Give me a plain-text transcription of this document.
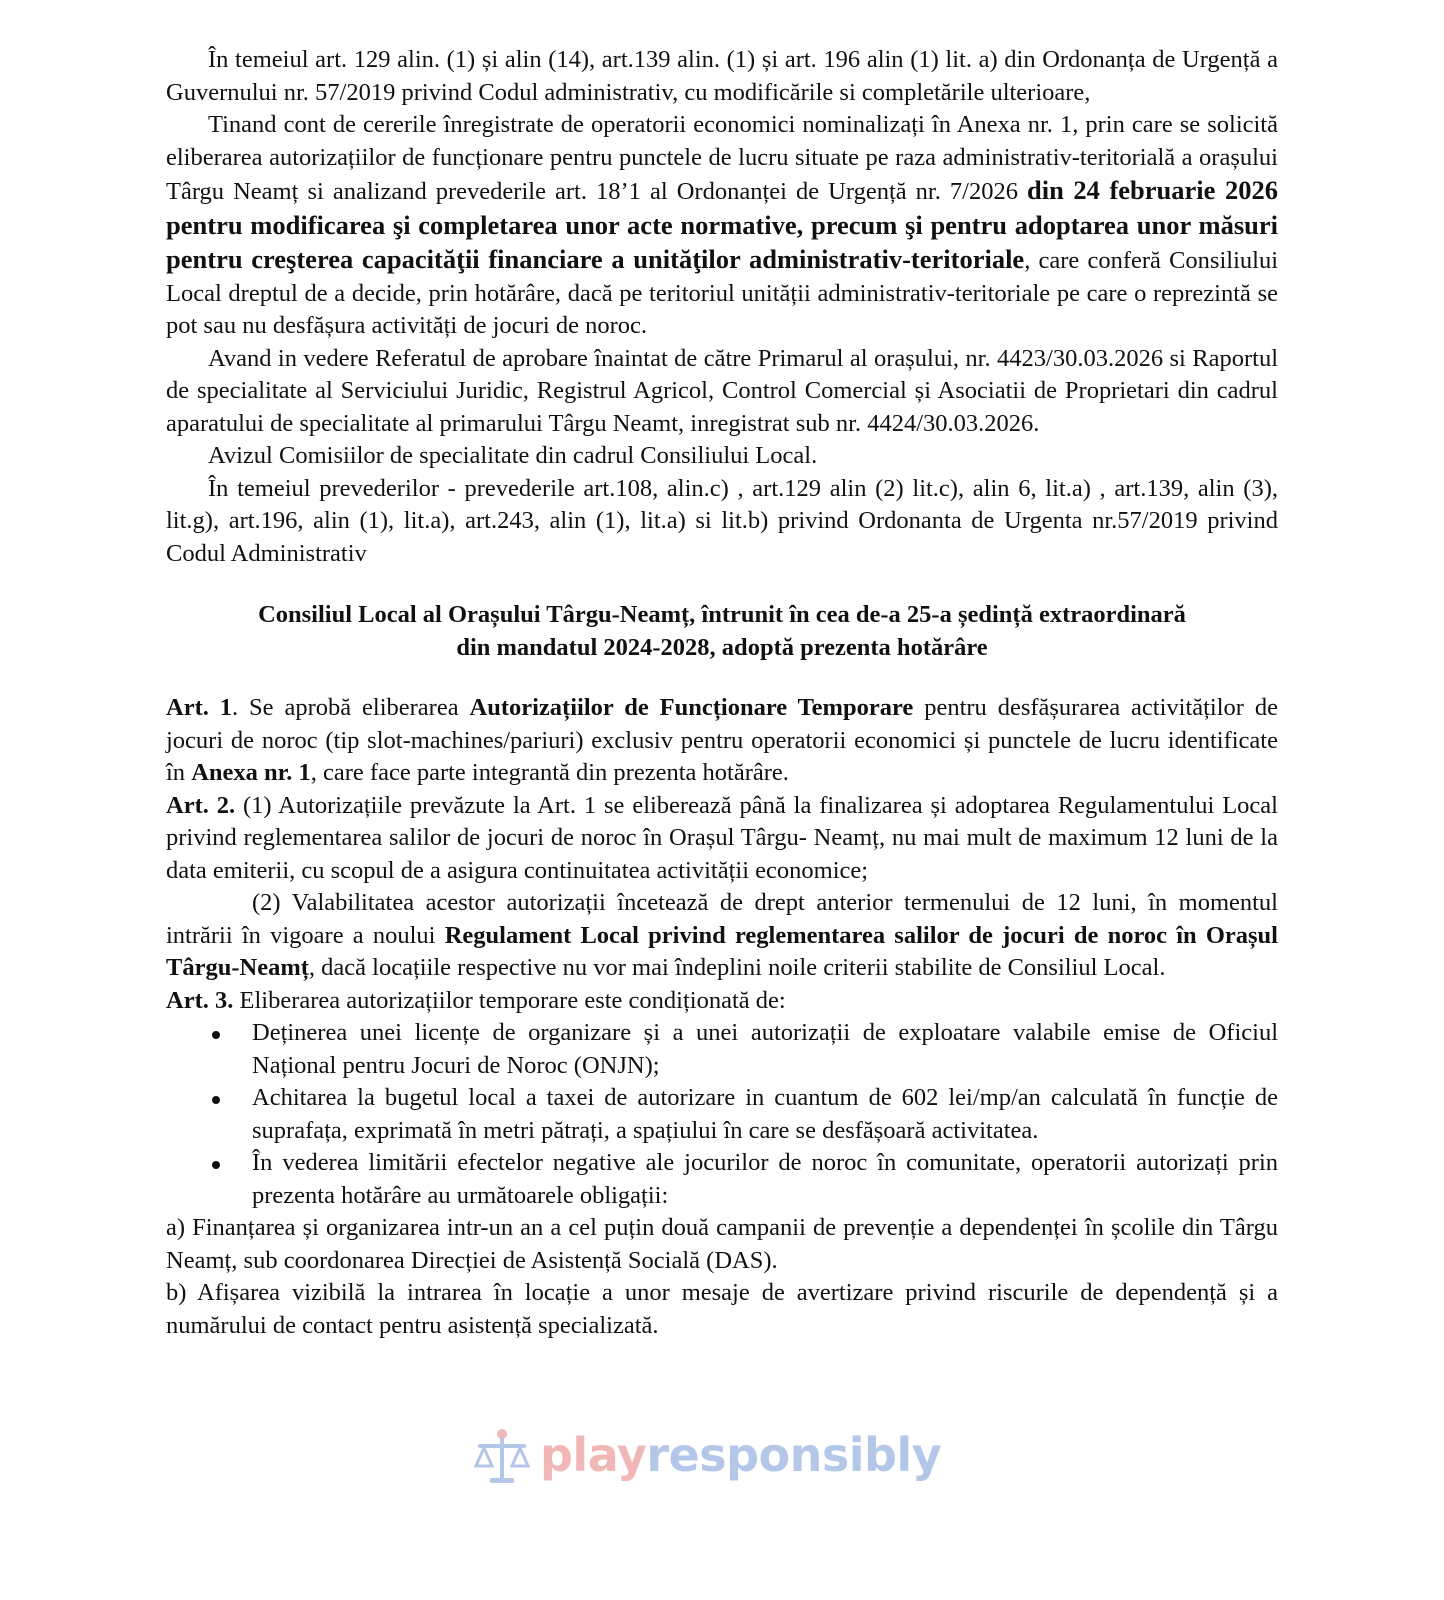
În temeiul art. 129 alin. (1) și alin (14), art.139 alin. (1) și art. 196 alin (1) lit. a) din Ordonanța de Urgență a Guvernului nr. 57/2019 privind Codul administrativ, cu modificările si completările ulterioare,

Tinand cont de cererile înregistrate de operatorii economici nominalizați în Anexa nr. 1, prin care se solicită eliberarea autorizațiilor de funcționare pentru punctele de lucru situate pe raza administrativ-teritorială a orașului Târgu Neamț si analizand prevederile art. 18’1 al Ordonanței de Urgență nr. 7/2026 din 24 februarie 2026 pentru modificarea şi completarea unor acte normative, precum şi pentru adoptarea unor măsuri pentru creşterea capacităţii financiare a unităţilor administrativ-teritoriale, care conferă Consiliului Local dreptul de a decide, prin hotărâre, dacă pe teritoriul unității administrativ-teritoriale pe care o reprezintă se pot sau nu desfășura activități de jocuri de noroc.

Avand in vedere Referatul de aprobare înaintat de către Primarul al orașului, nr. 4423/30.03.2026 si Raportul de specialitate al Serviciului Juridic, Registrul Agricol, Control Comercial și Asociatii de Proprietari din cadrul aparatului de specialitate al primarului Târgu Neamt, inregistrat sub nr. 4424/30.03.2026.

Avizul Comisiilor de specialitate din cadrul Consiliului Local.

În temeiul prevederilor - prevederile art.108, alin.c) , art.129 alin (2) lit.c), alin 6, lit.a) , art.139, alin (3), lit.g), art.196, alin (1), lit.a), art.243, alin (1), lit.a) si lit.b) privind Ordonanta de Urgenta nr.57/2019 privind Codul Administrativ

Consiliul Local al Orașului Târgu-Neamț, întrunit în cea de-a 25-a ședință extraordinară
din mandatul 2024-2028, adoptă prezenta hotărâre

Art. 1. Se aprobă eliberarea Autorizațiilor de Funcționare Temporare pentru desfășurarea activităților de jocuri de noroc (tip slot-machines/pariuri) exclusiv pentru operatorii economici și punctele de lucru identificate în Anexa nr. 1, care face parte integrantă din prezenta hotărâre.

Art. 2. (1) Autorizațiile prevăzute la Art. 1 se eliberează până la finalizarea și adoptarea Regulamentului Local privind reglementarea salilor de jocuri de noroc în Orașul Târgu- Neamț, nu mai mult de maximum 12 luni de la data emiterii, cu scopul de a asigura continuitatea activității economice;

(2) Valabilitatea acestor autorizații încetează de drept anterior termenului de 12 luni, în momentul intrării în vigoare a noului Regulament Local privind reglementarea salilor de jocuri de noroc în Orașul Târgu-Neamț, dacă locațiile respective nu vor mai îndeplini noile criterii stabilite de Consiliul Local.

Art. 3. Eliberarea autorizațiilor temporare este condiționată de:

Deținerea unei licențe de organizare și a unei autorizații de exploatare valabile emise de Oficiul Național pentru Jocuri de Noroc (ONJN);
Achitarea la bugetul local a taxei de autorizare in cuantum de 602 lei/mp/an calculată în funcție de suprafața, exprimată în metri pătrați, a spațiului în care se desfășoară activitatea.
În vederea limitării efectelor negative ale jocurilor de noroc în comunitate, operatorii autorizați prin prezenta hotărâre au următoarele obligații:

a) Finanțarea și organizarea intr-un an a cel puțin două campanii de prevenție a dependenței în școlile din Târgu Neamț, sub coordonarea Direcției de Asistență Socială (DAS).

b) Afișarea vizibilă la intrarea în locație a unor mesaje de avertizare privind riscurile de dependență și a numărului de contact pentru asistență specializată.

playresponsibly
